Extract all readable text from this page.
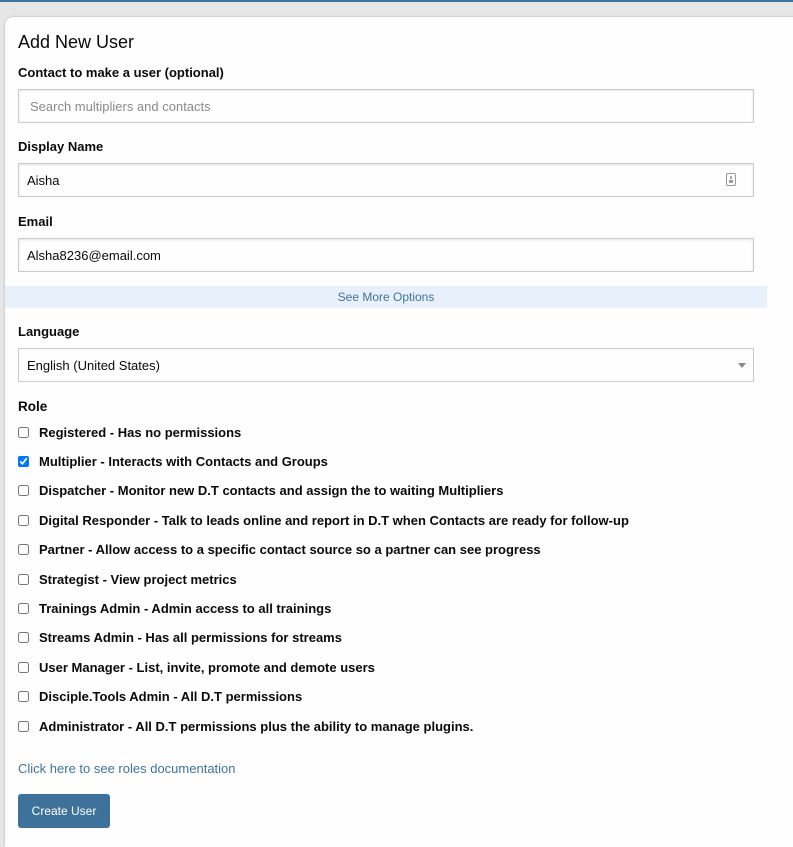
Add New User
Contact to make a user (optional)
Search multipliers and contacts
Display Name
Aisha
Email
Alsha8236@email.com
See More Options
Language
English (United States)
Role
Registered - Has no permissions
Multiplier - Interacts with Contacts and Groups
Dispatcher - Monitor new D.T contacts and assign the to waiting Multipliers
Digital Responder - Talk to leads online and report in D.T when Contacts are ready for follow-up
Partner - Allow access to a specific contact source so a partner can see progress
Strategist - View project metrics
Trainings Admin - Admin access to all trainings
Streams Admin - Has all permissions for streams
User Manager - List, invite, promote and demote users
Disciple.Tools Admin - All D.T permissions
Administrator - All D.T permissions plus the ability to manage plugins.
Click here to see roles documentation
Create User
